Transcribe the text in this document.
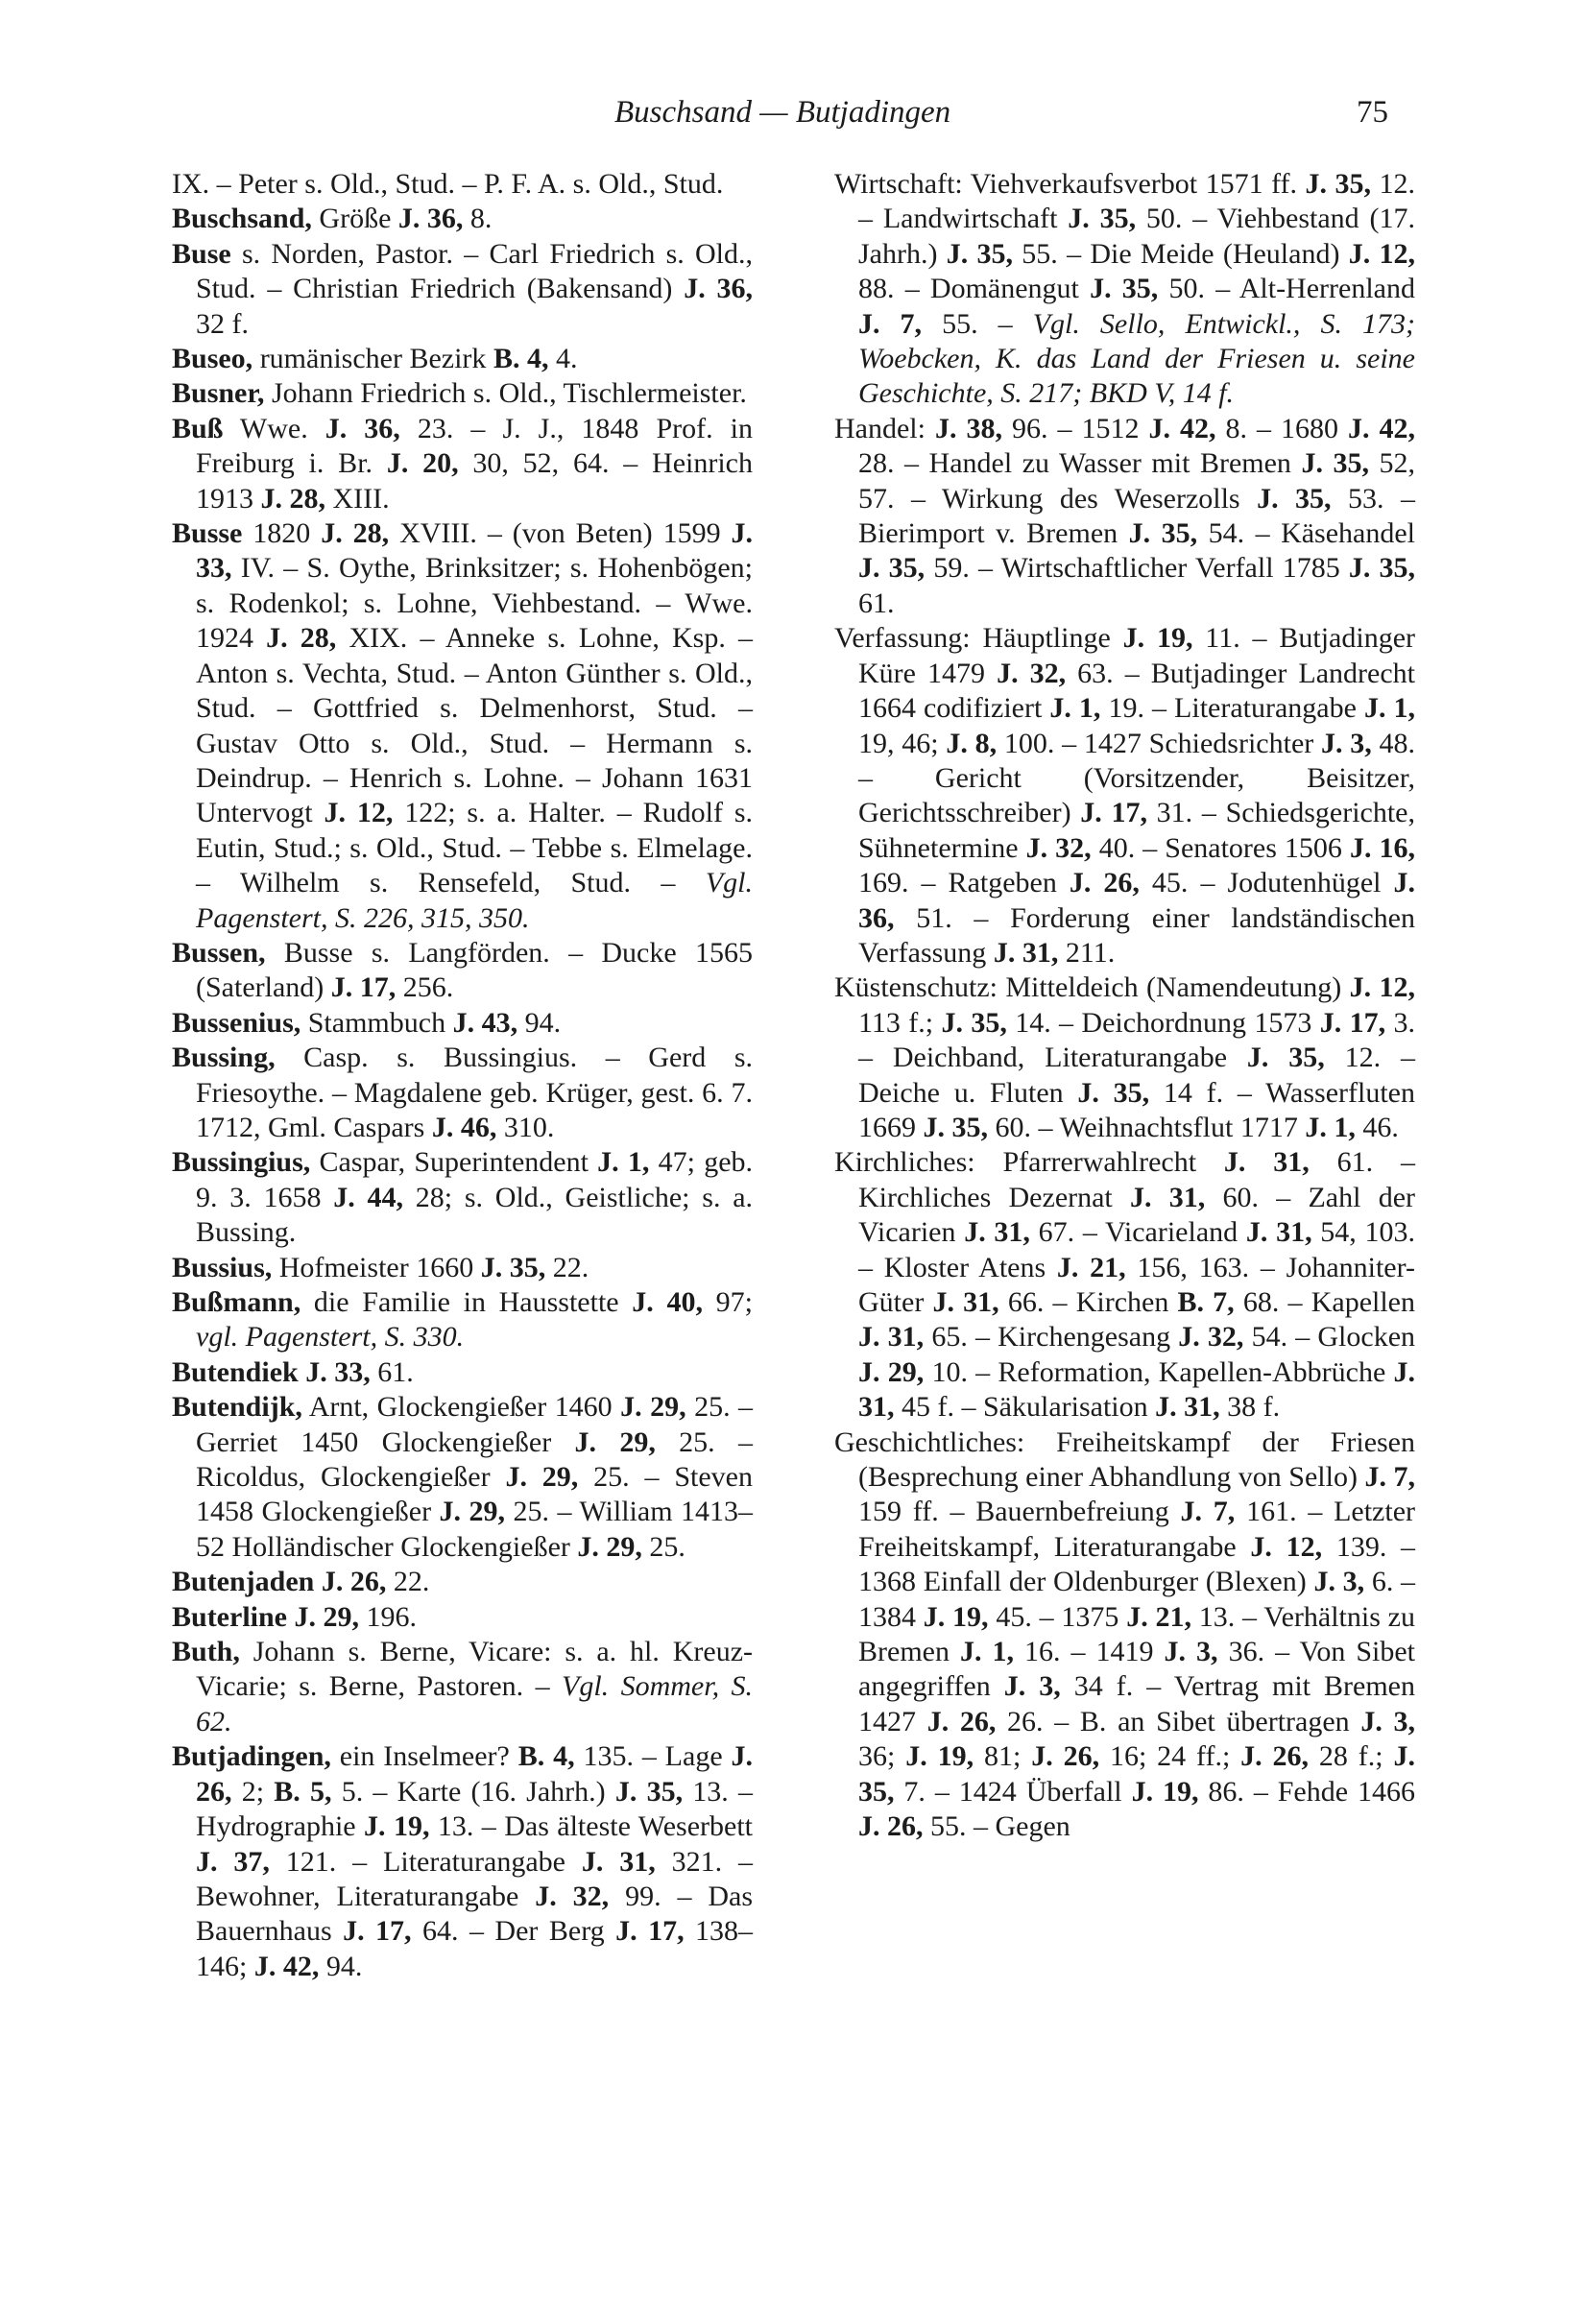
Buschsand — Butjadingen	75

IX. – Peter s. Old., Stud. – P. F. A. s. Old., Stud.

Buschsand, Größe J. 36, 8.

Buse s. Norden, Pastor. – Carl Friedrich s. Old., Stud. – Christian Friedrich (Bakensand) J. 36, 32 f.

Buseo, rumänischer Bezirk B. 4, 4.

Busner, Johann Friedrich s. Old., Tischlermeister.

Buß Wwe. J. 36, 23. – J. J., 1848 Prof. in Freiburg i. Br. J. 20, 30, 52, 64. – Heinrich 1913 J. 28, XIII.

Busse 1820 J. 28, XVIII. – (von Beten) 1599 J. 33, IV. – S. Oythe, Brinksitzer; s. Hohenbögen; s. Rodenkol; s. Lohne, Viehbestand. – Wwe. 1924 J. 28, XIX. – Anneke s. Lohne, Ksp. – Anton s. Vechta, Stud. – Anton Günther s. Old., Stud. – Gottfried s. Delmenhorst, Stud. – Gustav Otto s. Old., Stud. – Hermann s. Deindrup. – Henrich s. Lohne. – Johann 1631 Untervogt J. 12, 122; s. a. Halter. – Rudolf s. Eutin, Stud.; s. Old., Stud. – Tebbe s. Elmelage. – Wilhelm s. Rensefeld, Stud. – Vgl. Pagenstert, S. 226, 315, 350.

Bussen, Busse s. Langförden. – Ducke 1565 (Saterland) J. 17, 256.

Bussenius, Stammbuch J. 43, 94.

Bussing, Casp. s. Bussingius. – Gerd s. Friesoythe. – Magdalene geb. Krüger, gest. 6. 7. 1712, Gml. Caspars J. 46, 310.

Bussingius, Caspar, Superintendent J. 1, 47; geb. 9. 3. 1658 J. 44, 28; s. Old., Geistliche; s. a. Bussing.

Bussius, Hofmeister 1660 J. 35, 22.

Bußmann, die Familie in Hausstette J. 40, 97; vgl. Pagenstert, S. 330.

Butendiek J. 33, 61.

Butendijk, Arnt, Glockengießer 1460 J. 29, 25. – Gerriet 1450 Glockengießer J. 29, 25. – Ricoldus, Glockengießer J. 29, 25. – Steven 1458 Glockengießer J. 29, 25. – William 1413–52 Holländischer Glockengießer J. 29, 25.

Butenjaden J. 26, 22.

Buterline J. 29, 196.

Buth, Johann s. Berne, Vicare: s. a. hl. Kreuz-Vicarie; s. Berne, Pastoren. – Vgl. Sommer, S. 62.

Butjadingen, ein Inselmeer? B. 4, 135. – Lage J. 26, 2; B. 5, 5. – Karte (16. Jahrh.) J. 35, 13. – Hydrographie J. 19, 13. – Das älteste Weserbett J. 37, 121. – Literaturangabe J. 31, 321. – Bewohner, Literaturangabe J. 32, 99. – Das Bauernhaus J. 17, 64. – Der Berg J. 17, 138–146; J. 42, 94.

Wirtschaft: Viehverkaufsverbot 1571 ff. J. 35, 12. – Landwirtschaft J. 35, 50. – Viehbestand (17. Jahrh.) J. 35, 55. – Die Meide (Heuland) J. 12, 88. – Domänengut J. 35, 50. – Alt-Herrenland J. 7, 55. – Vgl. Sello, Entwickl., S. 173; Woebcken, K. das Land der Friesen u. seine Geschichte, S. 217; BKD V, 14 f.

Handel: J. 38, 96. – 1512 J. 42, 8. – 1680 J. 42, 28. – Handel zu Wasser mit Bremen J. 35, 52, 57. – Wirkung des Weserzolls J. 35, 53. – Bierimport v. Bremen J. 35, 54. – Käsehandel J. 35, 59. – Wirtschaftlicher Verfall 1785 J. 35, 61.

Verfassung: Häuptlinge J. 19, 11. – Butjadinger Küre 1479 J. 32, 63. – Butjadinger Landrecht 1664 codifiziert J. 1, 19. – Literaturangabe J. 1, 19, 46; J. 8, 100. – 1427 Schiedsrichter J. 3, 48. – Gericht (Vorsitzender, Beisitzer, Gerichtsschreiber) J. 17, 31. – Schiedsgerichte, Sühnetermine J. 32, 40. – Senatores 1506 J. 16, 169. – Ratgeben J. 26, 45. – Jodutenhügel J. 36, 51. – Forderung einer landständischen Verfassung J. 31, 211.

Küstenschutz: Mitteldeich (Namendeutung) J. 12, 113 f.; J. 35, 14. – Deichordnung 1573 J. 17, 3. – Deichband, Literaturangabe J. 35, 12. – Deiche u. Fluten J. 35, 14 f. – Wasserfluten 1669 J. 35, 60. – Weihnachtsflut 1717 J. 1, 46.

Kirchliches: Pfarrerwahlrecht J. 31, 61. – Kirchliches Dezernat J. 31, 60. – Zahl der Vicarien J. 31, 67. – Vicarieland J. 31, 54, 103. – Kloster Atens J. 21, 156, 163. – Johanniter-Güter J. 31, 66. – Kirchen B. 7, 68. – Kapellen J. 31, 65. – Kirchengesang J. 32, 54. – Glocken J. 29, 10. – Reformation, Kapellen-Abbrüche J. 31, 45 f. – Säkularisation J. 31, 38 f.

Geschichtliches: Freiheitskampf der Friesen (Besprechung einer Abhandlung von Sello) J. 7, 159 ff. – Bauernbefreiung J. 7, 161. – Letzter Freiheitskampf, Literaturangabe J. 12, 139. – 1368 Einfall der Oldenburger (Blexen) J. 3, 6. – 1384 J. 19, 45. – 1375 J. 21, 13. – Verhältnis zu Bremen J. 1, 16. – 1419 J. 3, 36. – Von Sibet angegriffen J. 3, 34 f. – Vertrag mit Bremen 1427 J. 26, 26. – B. an Sibet übertragen J. 3, 36; J. 19, 81; J. 26, 16; 24 ff.; J. 26, 28 f.; J. 35, 7. – 1424 Überfall J. 19, 86. – Fehde 1466 J. 26, 55. – Gegen
